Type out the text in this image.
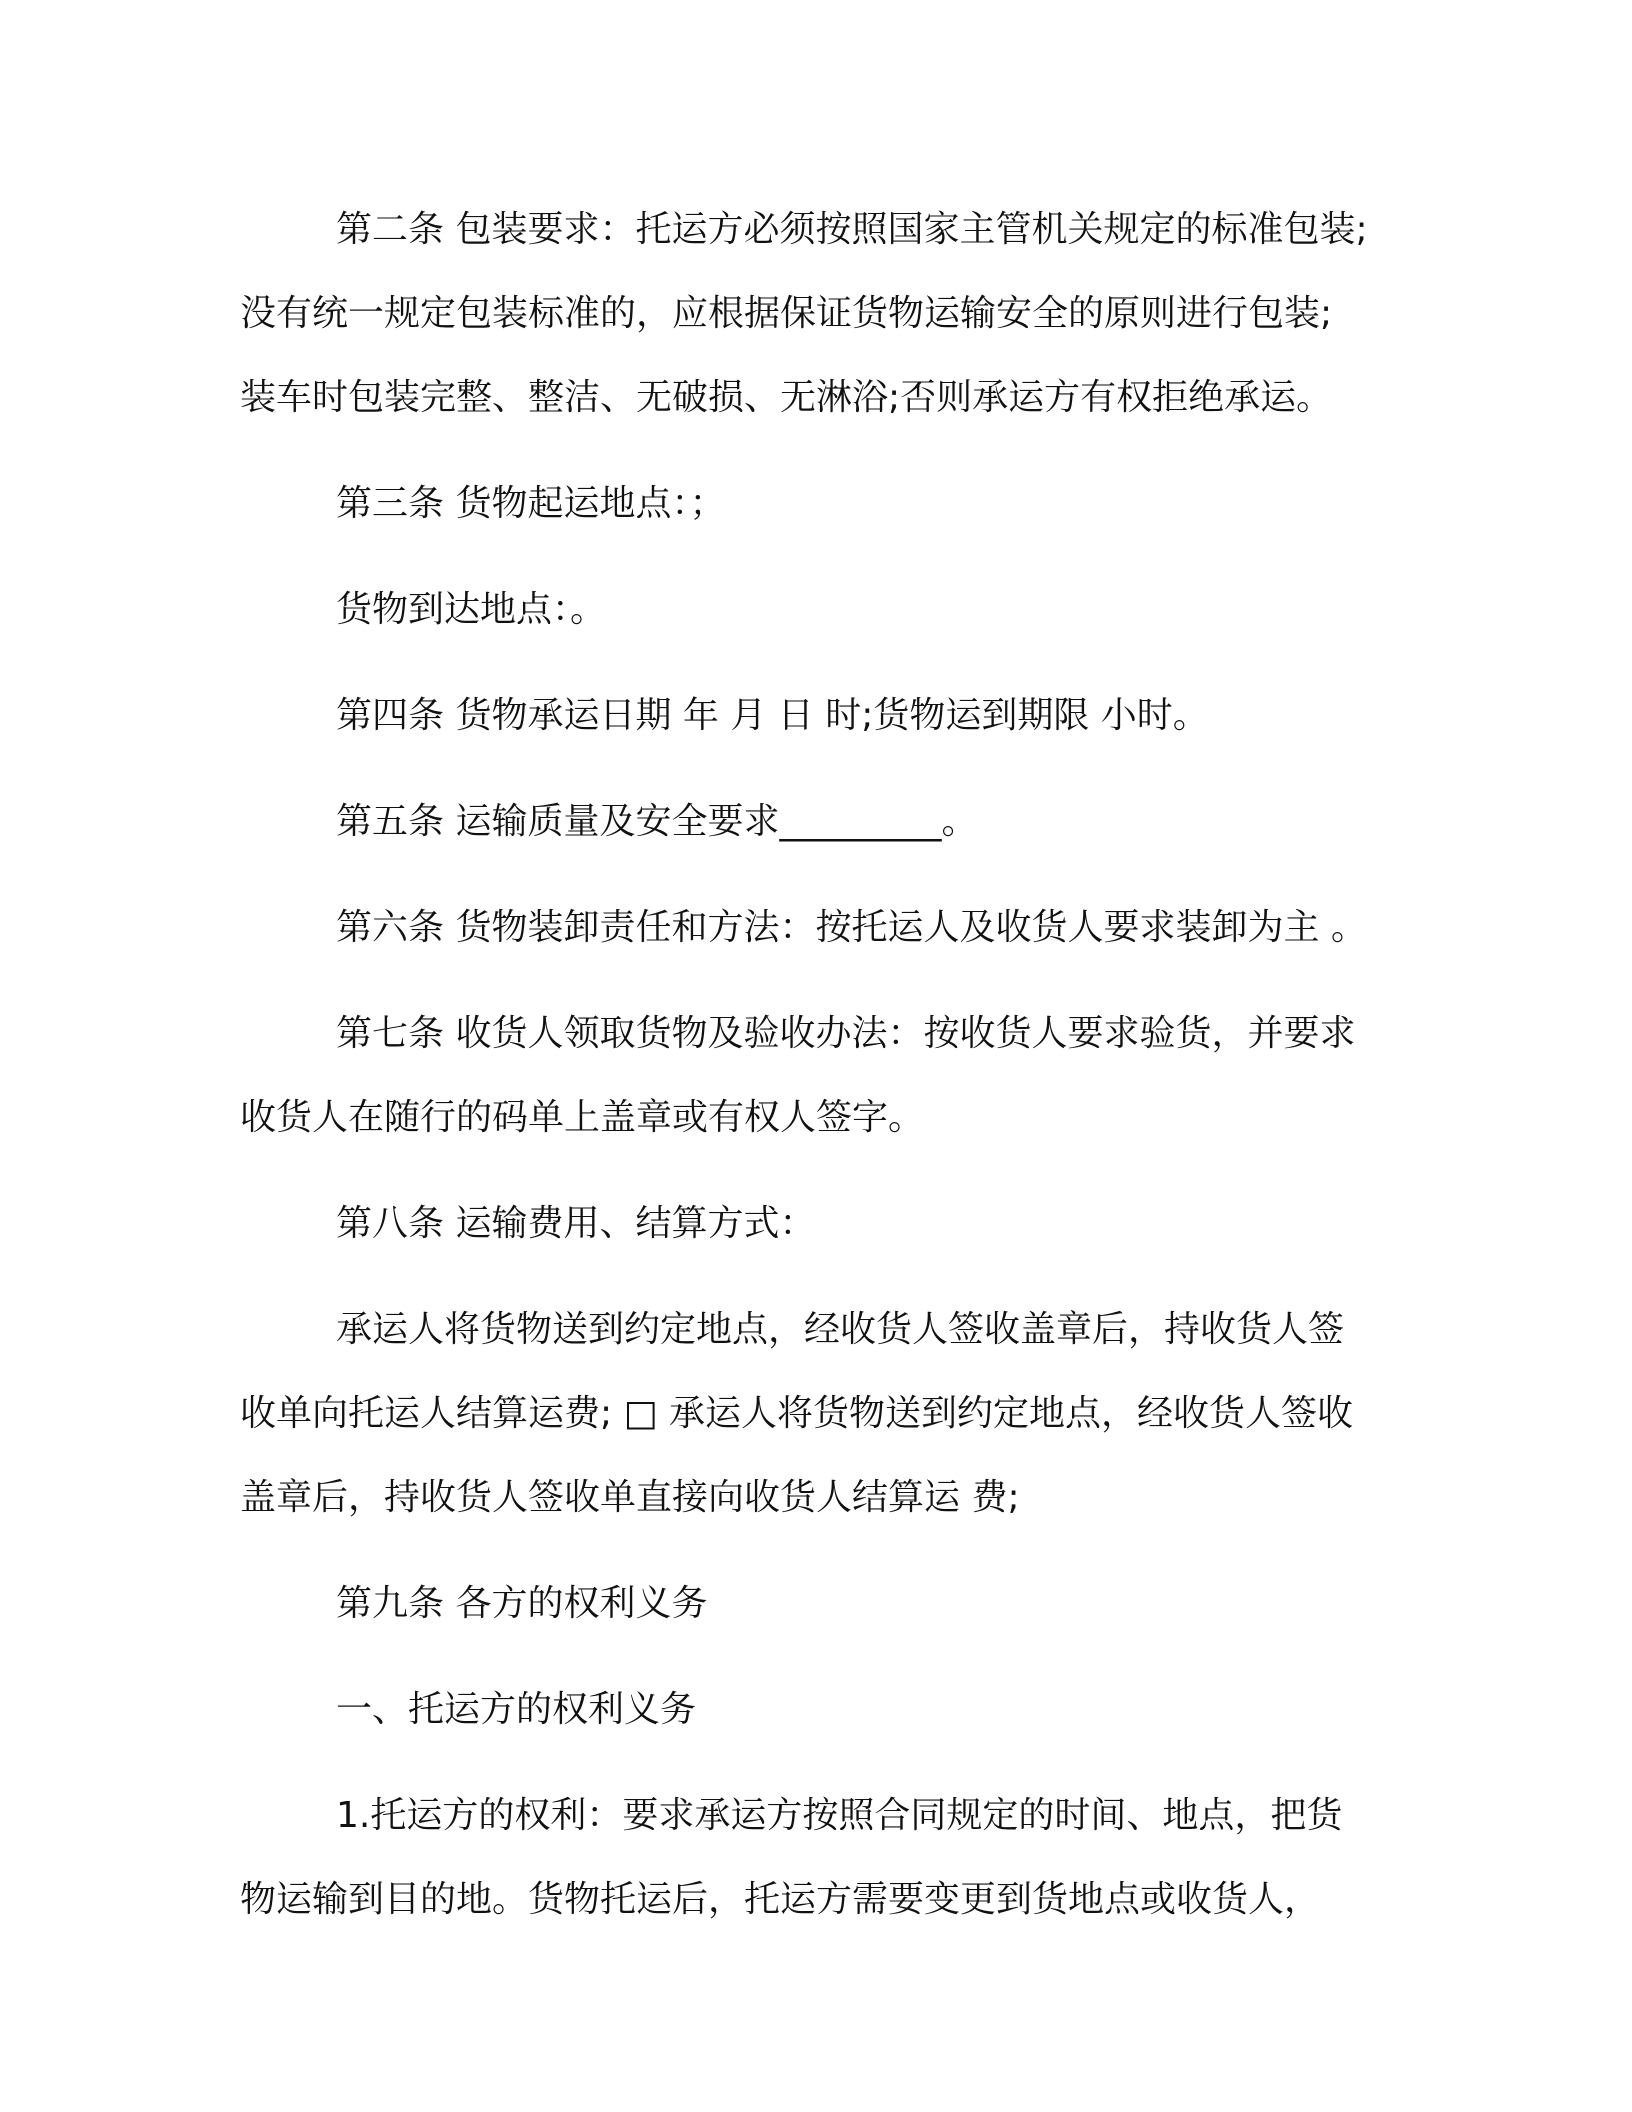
第二条 包装要求：托运方必须按照国家主管机关规定的标准包装;
没有统一规定包装标准的，应根据保证货物运输安全的原则进行包装;
装车时包装完整、整洁、无破损、无淋浴;否则承运方有权拒绝承运。
第三条 货物起运地点：；
货物到达地点：。
第四条 货物承运日期 年 月 日 时;货物运到期限 小时。
第五条 运输质量及安全要求_________。
第六条 货物装卸责任和方法：按托运人及收货人要求装卸为主 。
第七条 收货人领取货物及验收办法：按收货人要求验货，并要求
收货人在随行的码单上盖章或有权人签字。
第八条 运输费用、结算方式：
承运人将货物送到约定地点，经收货人签收盖章后，持收货人签
收单向托运人结算运费; □ 承运人将货物送到约定地点，经收货人签收
盖章后，持收货人签收单直接向收货人结算运 费;
第九条 各方的权利义务
一、托运方的权利义务
1.托运方的权利：要求承运方按照合同规定的时间、地点，把货
物运输到目的地。货物托运后，托运方需要变更到货地点或收货人，
